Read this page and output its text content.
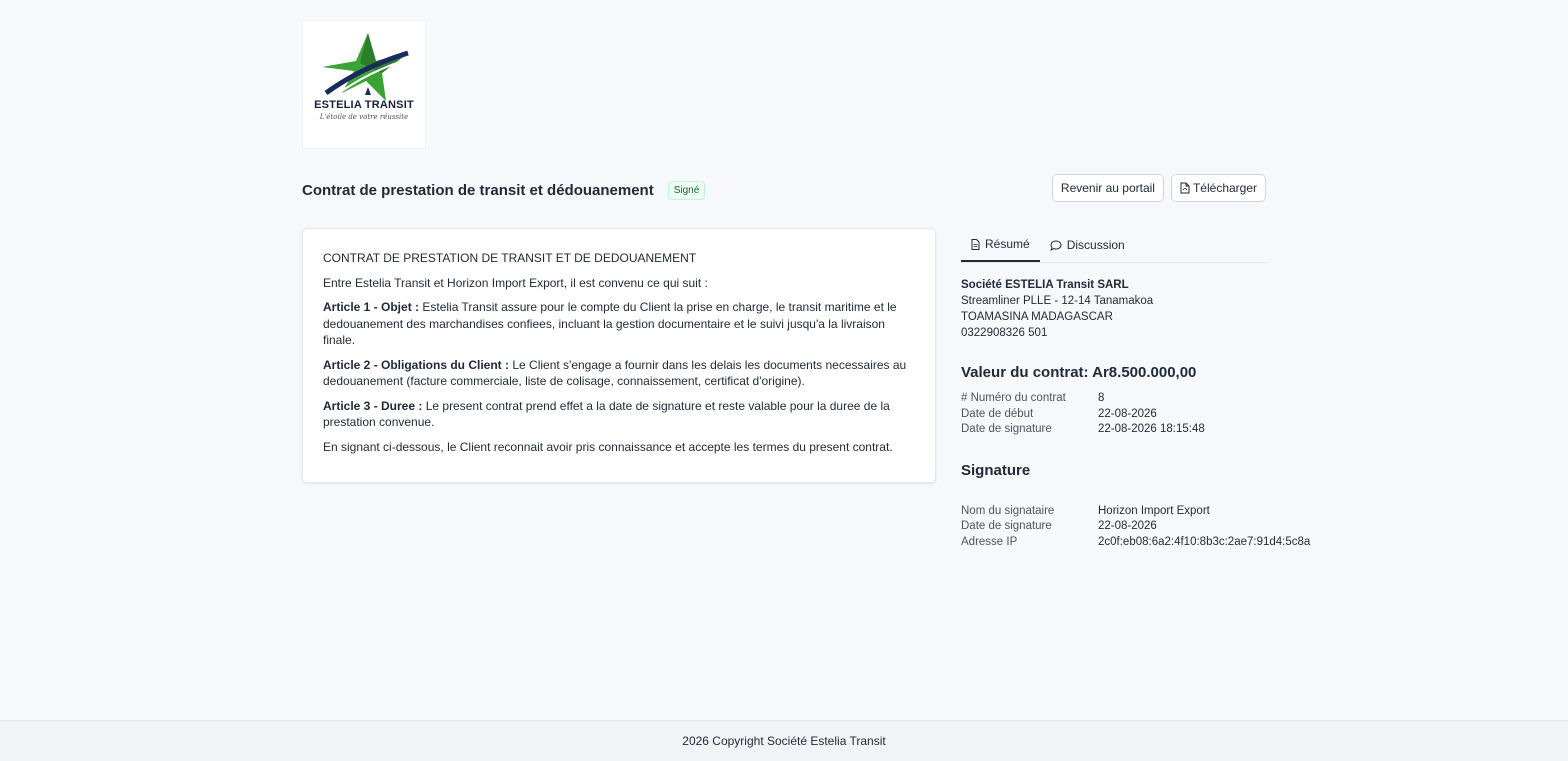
ESTELIA TRANSIT
L'étoile de votre réussite
Contrat de prestation de transit et dédouanement	Signé	Revenir au portail	Télécharger

CONTRAT DE PRESTATION DE TRANSIT ET DE DEDOUANEMENT

Entre Estelia Transit et Horizon Import Export, il est convenu ce qui suit :

Article 1 - Objet : Estelia Transit assure pour le compte du Client la prise en charge, le transit maritime et le dedouanement des marchandises confiees, incluant la gestion documentaire et le suivi jusqu'a la livraison finale.

Article 2 - Obligations du Client : Le Client s'engage a fournir dans les delais les documents necessaires au dedouanement (facture commerciale, liste de colisage, connaissement, certificat d'origine).

Article 3 - Duree : Le present contrat prend effet a la date de signature et reste valable pour la duree de la prestation convenue.

En signant ci-dessous, le Client reconnait avoir pris connaissance et accepte les termes du present contrat.

Résumé	Discussion
Société ESTELIA Transit SARL
Streamliner PLLE - 12-14 Tanamakoa
TOAMASINA MADAGASCAR
0322908326 501
Valeur du contrat: Ar8.500.000,00
# Numéro du contrat	8
Date de début	22-08-2026
Date de signature	22-08-2026 18:15:48
Signature
Nom du signataire	Horizon Import Export
Date de signature	22-08-2026
Adresse IP	2c0f:eb08:6a2:4f10:8b3c:2ae7:91d4:5c8a
2026 Copyright Société Estelia Transit
